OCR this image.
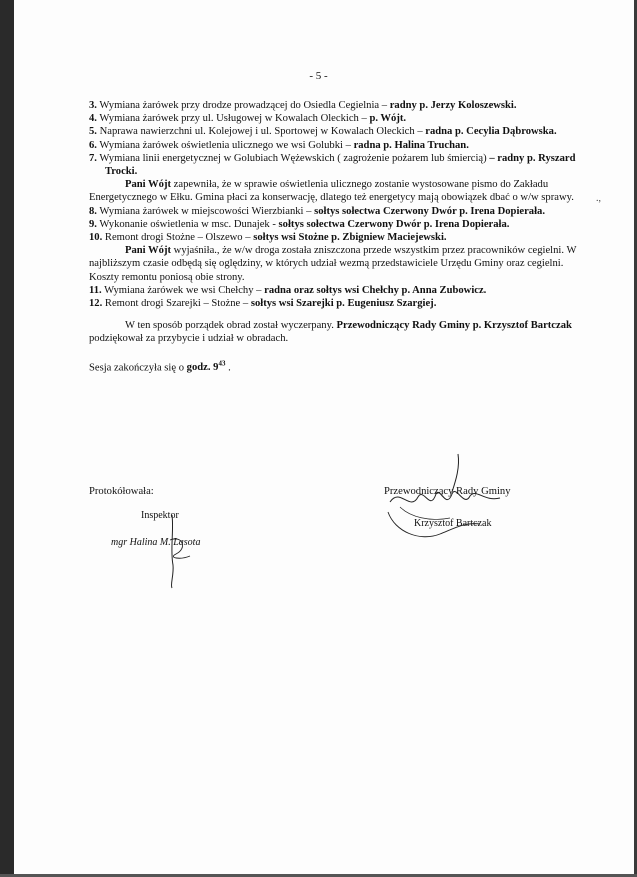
- 5 -
.,

3. Wymiana żarówek przy drodze prowadzącej do Osiedla Cegielnia – radny p. Jerzy Koloszewski.

4. Wymiana żarówek przy ul. Usługowej w Kowalach Oleckich – p. Wójt.

5. Naprawa nawierzchni ul. Kolejowej i ul. Sportowej w Kowalach Oleckich – radna p. Cecylia Dąbrowska.

6. Wymiana żarówek oświetlenia ulicznego we wsi Golubki – radna p. Halina Truchan.

7. Wymiana linii energetycznej w Golubiach Wężewskich ( zagrożenie pożarem lub śmiercią) – radny p. Ryszard Trocki.

Pani Wójt zapewniła, że w sprawie oświetlenia ulicznego zostanie wystosowane pismo do Zakładu Energetycznego w Ełku. Gmina płaci za konserwację, dlatego też energetycy mają obowiązek dbać o w/w sprawy.

8. Wymiana żarówek w miejscowości Wierzbianki – sołtys sołectwa Czerwony Dwór p. Irena Dopierała.

9. Wykonanie oświetlenia w msc. Dunajek - sołtys sołectwa Czerwony Dwór p. Irena Dopierała.

10. Remont drogi Stożne – Olszewo – sołtys wsi Stożne p. Zbigniew Maciejewski.

Pani Wójt wyjaśniła., że w/w droga została zniszczona przede wszystkim przez pracowników cegielni. W najbliższym czasie odbędą się oględziny, w których udział wezmą przedstawiciele Urzędu Gminy oraz cegielni. Koszty remontu poniosą obie strony.

11. Wymiana żarówek we wsi Chełchy – radna oraz sołtys wsi Chełchy p. Anna Zubowicz.

12. Remont drogi Szarejki – Stożne – sołtys wsi Szarejki p. Eugeniusz Szargiej.

W ten sposób porządek obrad został wyczerpany. Przewodniczący Rady Gminy p. Krzysztof Bartczak podziękował za przybycie i udział w obradach.

Sesja zakończyła się o godz. $9^{43}$ .

Protokółowała:
Inspektor
mgr Halina M. Lasota
Przewodniczący Rady Gminy
Krzysztof Bartczak
